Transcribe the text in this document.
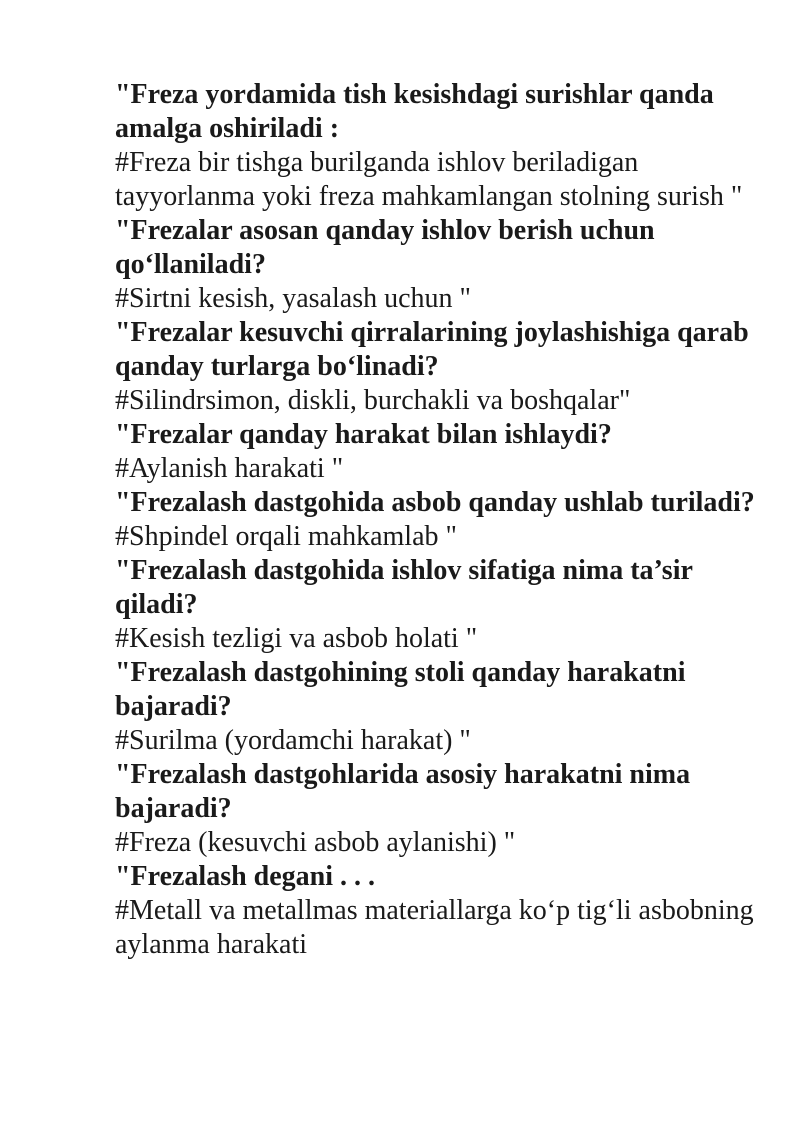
"Freza yordamida tish kesishdagi surishlar qanda amalga oshiriladi :

#Freza bir tishga burilganda ishlov beriladigan tayyorlanma yoki freza mahkamlangan stolning surish "

"Frezalar asosan qanday ishlov berish uchun qo‘llaniladi?

#Sirtni kesish, yasalash uchun "

"Frezalar kesuvchi qirralarining joylashishiga qarab qanday turlarga bo‘linadi?

#Silindrsimon, diskli, burchakli va boshqalar"

"Frezalar qanday harakat bilan ishlaydi?

#Aylanish harakati "

"Frezalash dastgohida asbob qanday ushlab turiladi?

#Shpindel orqali mahkamlab "

"Frezalash dastgohida ishlov sifatiga nima ta’sir qiladi?

#Kesish tezligi va asbob holati "

"Frezalash dastgohining stoli qanday harakatni bajaradi?

#Surilma (yordamchi harakat) "

"Frezalash dastgohlarida asosiy harakatni nima bajaradi?

#Freza (kesuvchi asbob aylanishi) "

"Frezalash degani . . .

#Metall va metallmas materiallarga ko‘p tig‘li asbobning aylanma harakati
